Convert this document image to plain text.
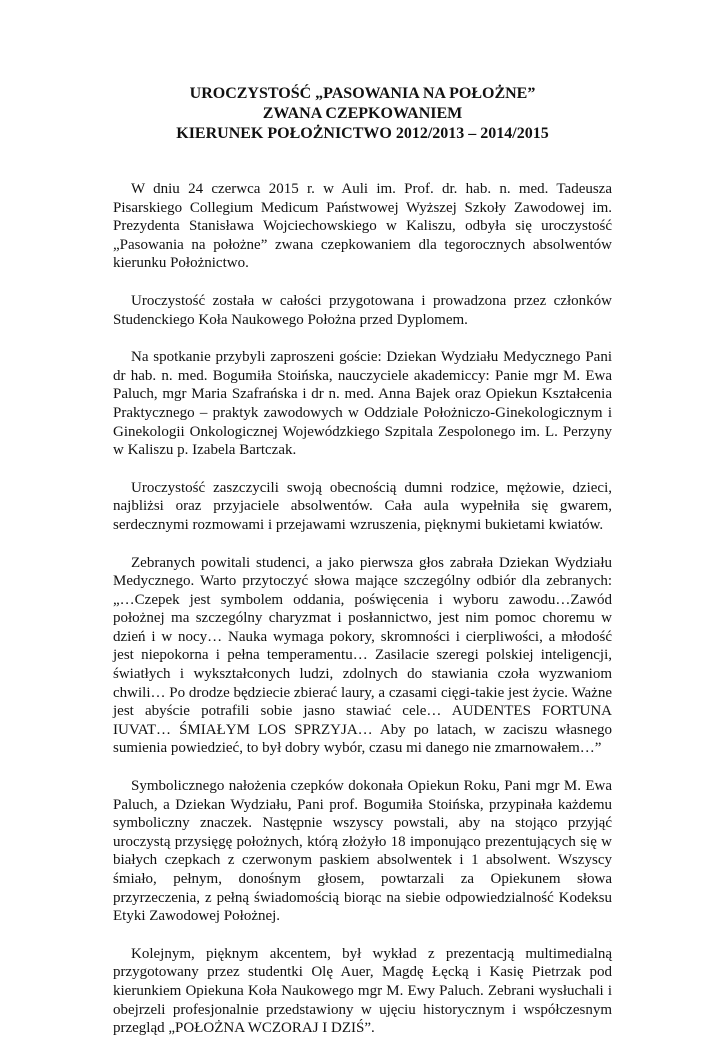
UROCZYSTOŚĆ „PASOWANIA NA POŁOŻNE”
ZWANA CZEPKOWANIEM
KIERUNEK POŁOŻNICTWO 2012/2013 – 2014/2015

W dniu 24 czerwca 2015 r. w Auli im. Prof. dr. hab. n. med. Tadeusza Pisarskiego Collegium Medicum Państwowej Wyższej Szkoły Zawodowej im. Prezydenta Stanisława Wojciechowskiego w Kaliszu, odbyła się uroczystość „Pasowania na położne” zwana czepkowaniem dla tegorocznych absolwentów kierunku Położnictwo.

Uroczystość została w całości przygotowana i prowadzona przez członków Studenckiego Koła Naukowego Położna przed Dyplomem.

Na spotkanie przybyli zaproszeni goście: Dziekan Wydziału Medycznego Pani dr hab. n. med. Bogumiła Stoińska, nauczyciele akademiccy: Panie mgr M. Ewa Paluch, mgr Maria Szafrańska i dr n. med. Anna Bajek oraz Opiekun Kształcenia Praktycznego – praktyk zawodowych w Oddziale Położniczo-Ginekologicznym i Ginekologii Onkologicznej Wojewódzkiego Szpitala Zespolonego im. L. Perzyny w Kaliszu p. Izabela Bartczak.

Uroczystość zaszczycili swoją obecnością dumni rodzice, mężowie, dzieci, najbliżsi oraz przyjaciele absolwentów. Cała aula wypełniła się gwarem, serdecznymi rozmowami i przejawami wzruszenia, pięknymi bukietami kwiatów.

Zebranych powitali studenci, a jako pierwsza głos zabrała Dziekan Wydziału Medycznego. Warto przytoczyć słowa mające szczególny odbiór dla zebranych: „…Czepek jest symbolem oddania, poświęcenia i wyboru zawodu…Zawód położnej ma szczególny charyzmat i posłannictwo, jest nim pomoc choremu w dzień i w nocy… Nauka wymaga pokory, skromności i cierpliwości, a młodość jest niepokorna i pełna temperamentu… Zasilacie szeregi polskiej inteligencji, światłych i wykształconych ludzi, zdolnych do stawiania czoła wyzwaniom chwili… Po drodze będziecie zbierać laury, a czasami cięgi-takie jest życie. Ważne jest abyście potrafili sobie jasno stawiać cele… AUDENTES FORTUNA IUVAT… ŚMIAŁYM LOS SPRZYJA… Aby po latach, w zaciszu własnego sumienia powiedzieć, to był dobry wybór, czasu mi danego nie zmarnowałem…”

Symbolicznego nałożenia czepków dokonała Opiekun Roku, Pani mgr M. Ewa Paluch, a Dziekan Wydziału, Pani prof. Bogumiła Stoińska, przypinała każdemu symboliczny znaczek. Następnie wszyscy powstali, aby na stojąco przyjąć uroczystą przysięgę położnych, którą złożyło 18 imponująco prezentujących się w białych czepkach z czerwonym paskiem absolwentek i 1 absolwent. Wszyscy śmiało, pełnym, donośnym głosem, powtarzali za Opiekunem słowa przyrzeczenia, z pełną świadomością biorąc na siebie odpowiedzialność Kodeksu Etyki Zawodowej Położnej.

Kolejnym, pięknym akcentem, był wykład z prezentacją multimedialną przygotowany przez studentki Olę Auer, Magdę Łęcką i Kasię Pietrzak pod kierunkiem Opiekuna Koła Naukowego mgr M. Ewy Paluch. Zebrani wysłuchali i obejrzeli profesjonalnie przedstawiony w ujęciu historycznym i współczesnym przegląd „POŁOŻNA WCZORAJ I DZIŚ”.
